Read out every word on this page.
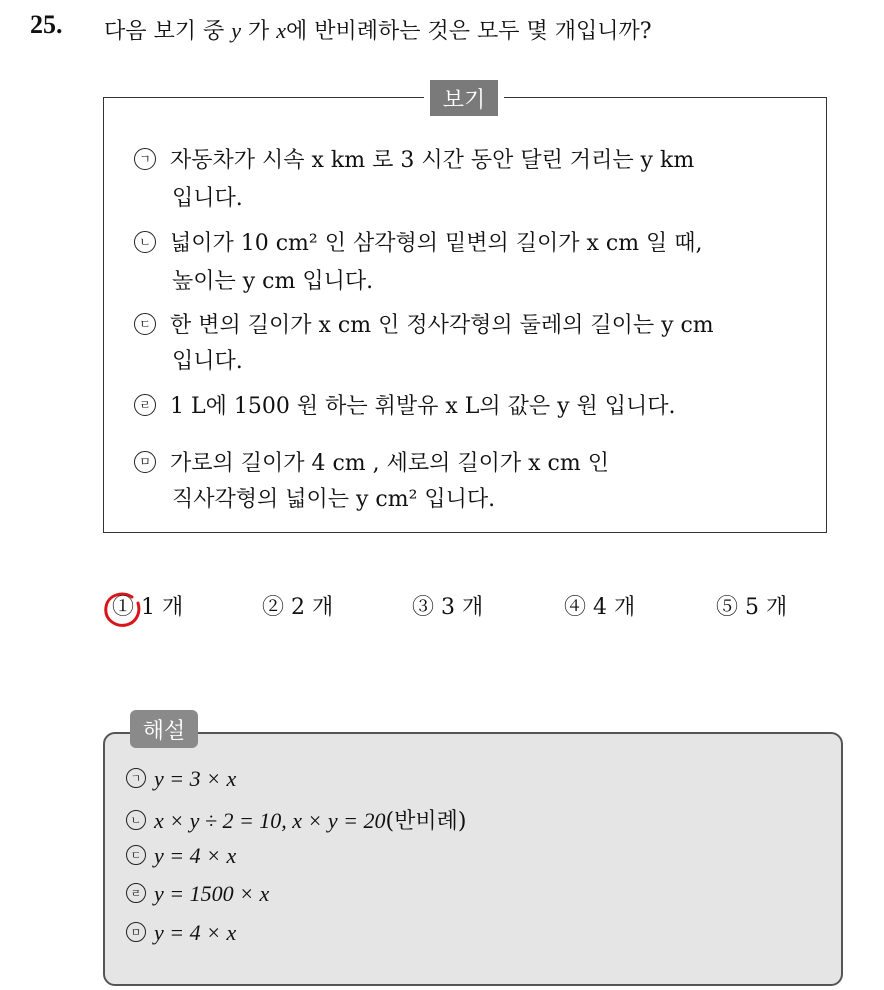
25. 다음 보기 중 y 가 x에 반비례하는 것은 모두 몇 개입니까?
보기
ㄱ 자동차가 시속 x km 로 3 시간 동안 달린 거리는 y km
입니다.
ㄴ 넓이가 10 cm² 인 삼각형의 밑변의 길이가 x cm 일 때,
높이는 y cm 입니다.
ㄷ 한 변의 길이가 x cm 인 정사각형의 둘레의 길이는 y cm
입니다.
ㄹ 1 L에 1500 원 하는 휘발유 x L의 값은 y 원 입니다.
ㅁ 가로의 길이가 4 cm , 세로의 길이가 x cm 인
직사각형의 넓이는 y cm² 입니다.
① 1 개	② 2 개	③ 3 개	④ 4 개	⑤ 5 개
해설
ㄱ y = 3 × x
ㄴ x × y ÷ 2 = 10, x × y = 20(반비례)
ㄷ y = 4 × x
ㄹ y = 1500 × x
ㅁ y = 4 × x
